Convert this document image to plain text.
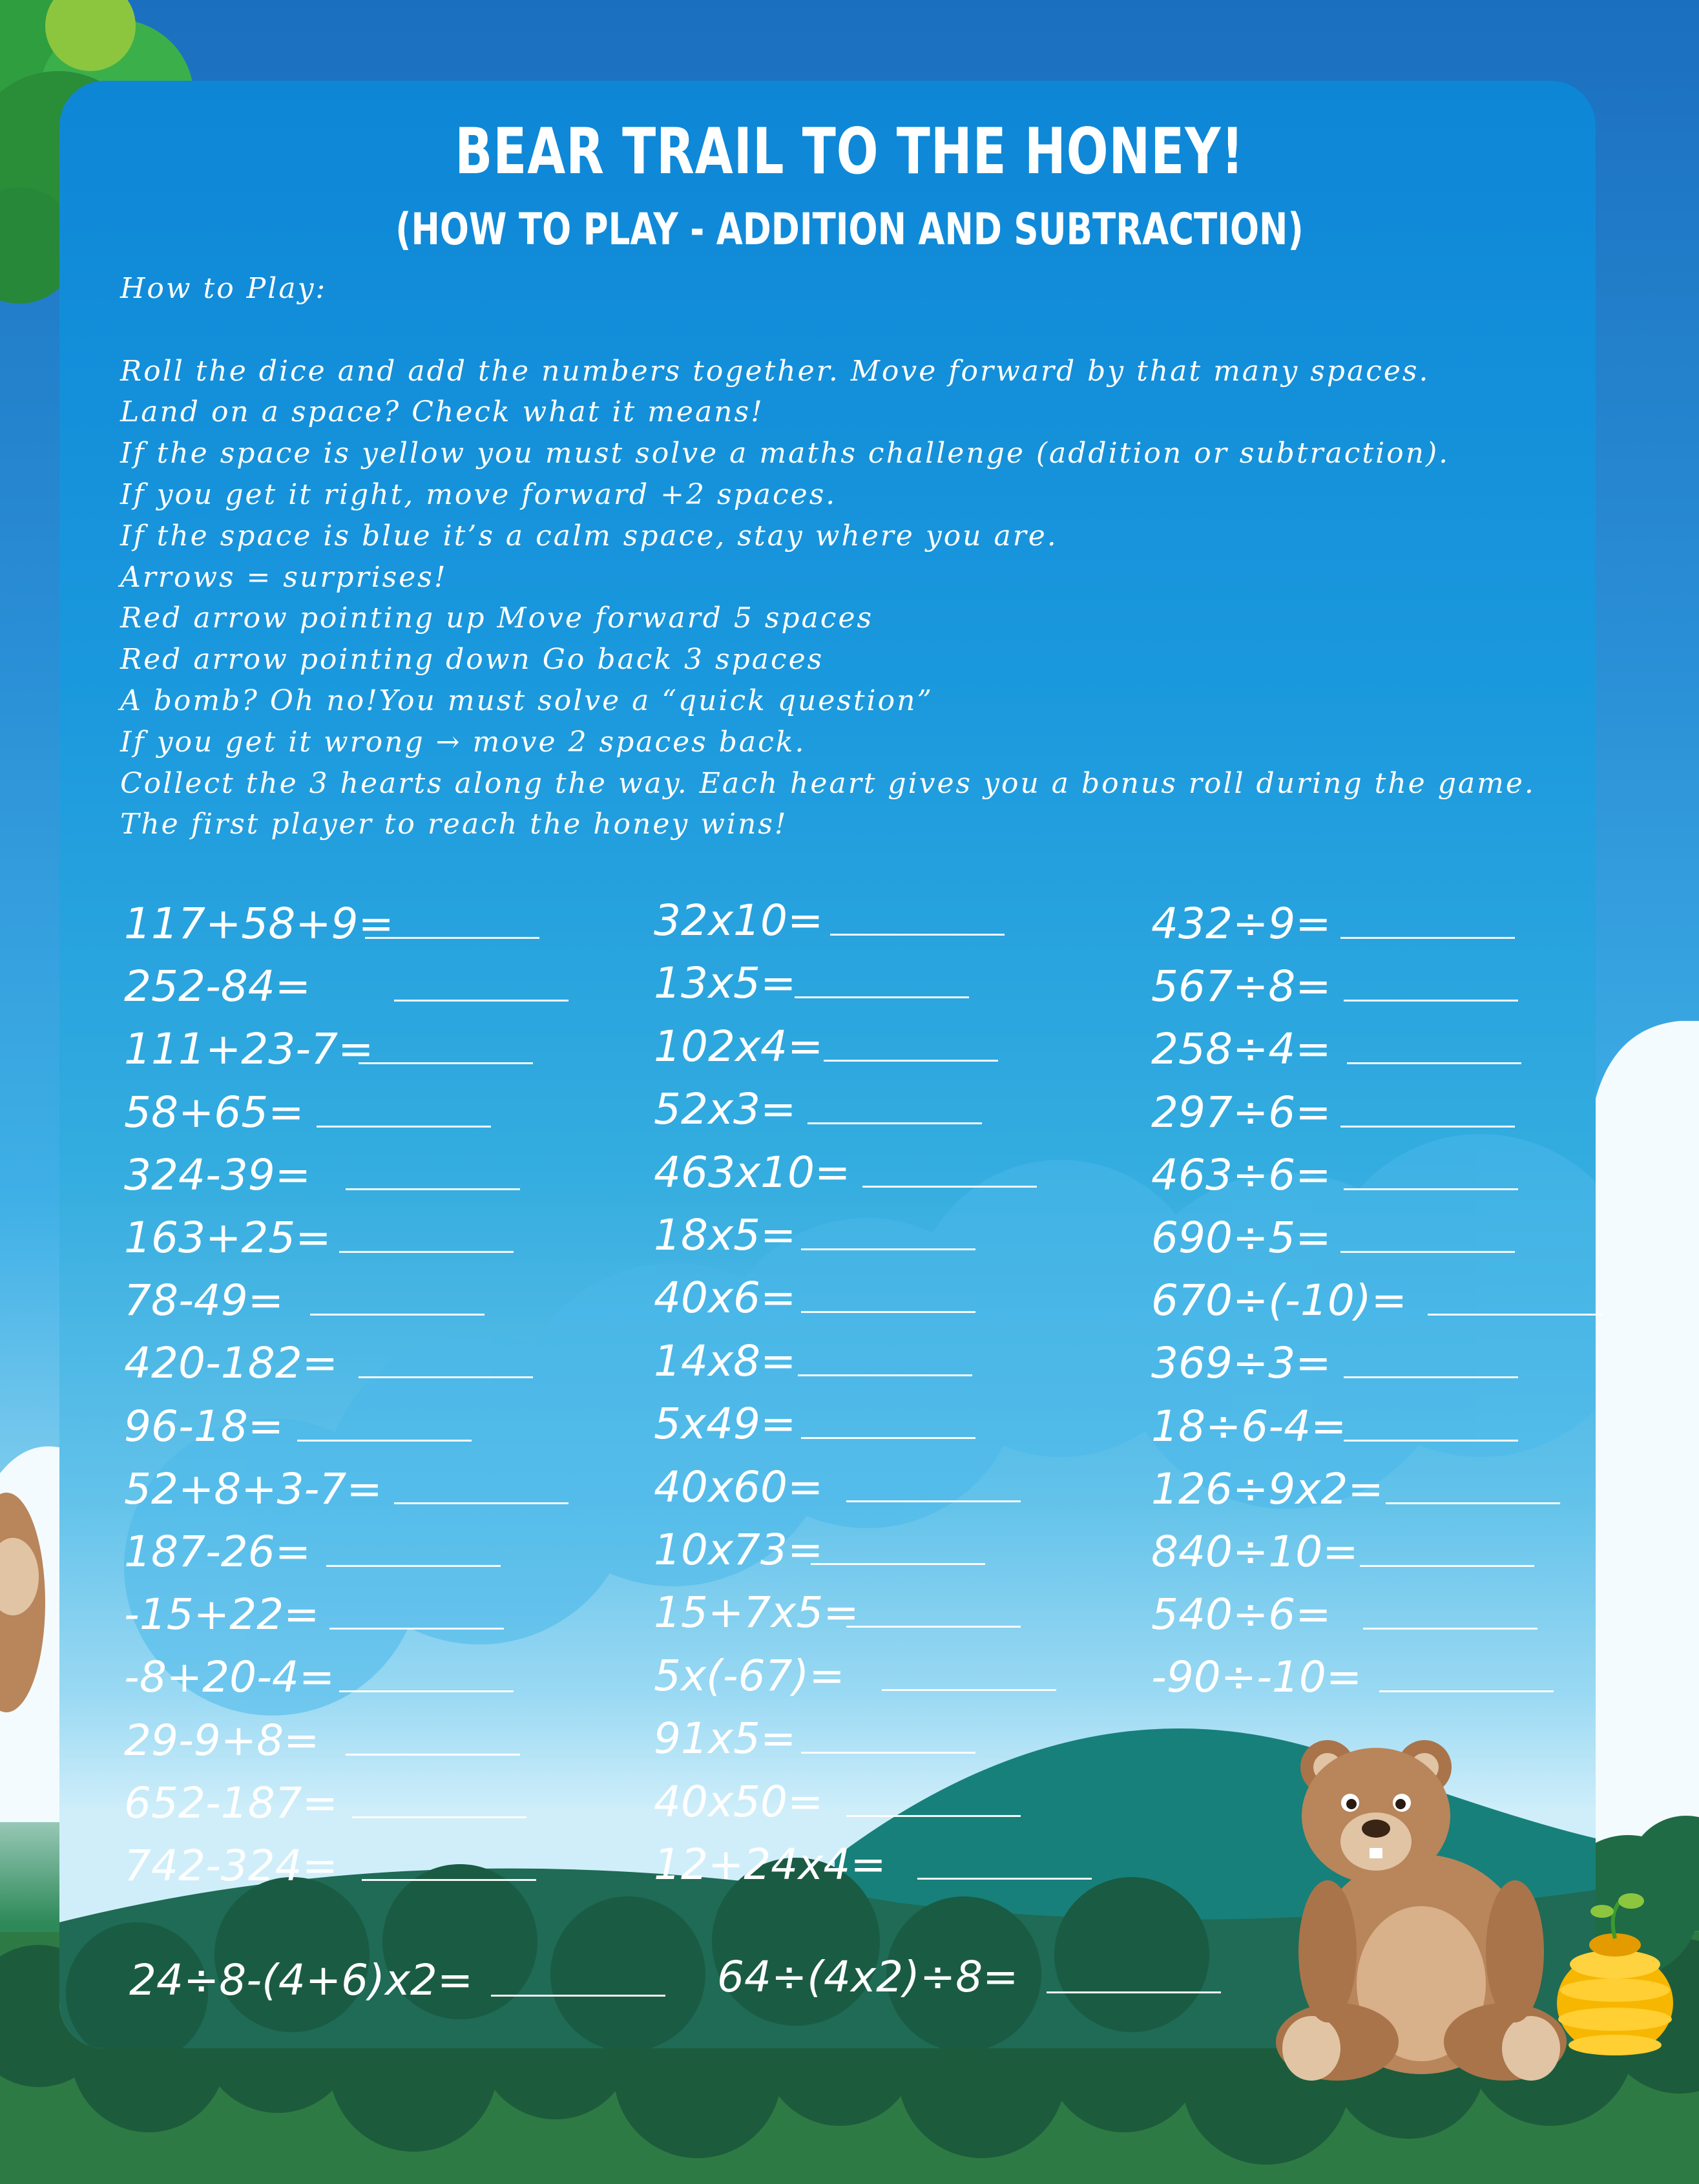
BEAR TRAIL TO THE HONEY!
(HOW TO PLAY - ADDITION AND SUBTRACTION)
How to Play:
Roll the dice and add the numbers together. Move forward by that many spaces.
Land on a space? Check what it means!
If the space is yellow you must solve a maths challenge (addition or subtraction).
If you get it right, move forward +2 spaces.
If the space is blue it’s a calm space, stay where you are.
Arrows = surprises!
Red arrow pointing up Move forward 5 spaces
Red arrow pointing down Go back 3 spaces
A bomb? Oh no!You must solve a “quick question”
If you get it wrong → move 2 spaces back.
Collect the 3 hearts along the way. Each heart gives you a bonus roll during the game.
The first player to reach the honey wins!
117+58+9=
252-84=
111+23-7=
58+65=
324-39=
163+25=
78-49=
420-182=
96-18=
52+8+3-7=
187-26=
-15+22=
-8+20-4=
29-9+8=
652-187=
742-324=
32x10=
13x5=
102x4=
52x3=
463x10=
18x5=
40x6=
14x8=
5x49=
40x60=
10x73=
15+7x5=
5x(-67)=
91x5=
40x50=
12+24x4=
432÷9=
567÷8=
258÷4=
297÷6=
463÷6=
690÷5=
670÷(-10)=
369÷3=
18÷6-4=
126÷9x2=
840÷10=
540÷6=
-90÷-10=
24÷8-(4+6)x2=	64÷(4x2)÷8=
